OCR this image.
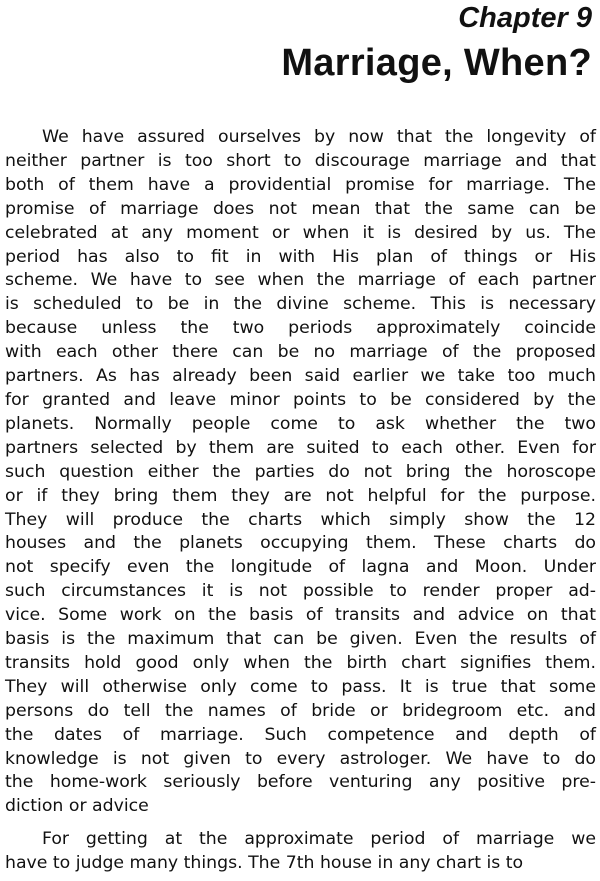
Chapter 9
Marriage, When?
We have assured ourselves by now that the longevity of
neither partner is too short to discourage marriage and that
both of them have a providential promise for marriage. The
promise of marriage does not mean that the same can be
celebrated at any moment or when it is desired by us. The
period has also to fit in with His plan of things or His
scheme. We have to see when the marriage of each partner
is scheduled to be in the divine scheme. This is necessary
because unless the two periods approximately coincide
with each other there can be no marriage of the proposed
partners. As has already been said earlier we take too much
for granted and leave minor points to be considered by the
planets. Normally people come to ask whether the two
partners selected by them are suited to each other. Even for
such question either the parties do not bring the horoscope
or if they bring them they are not helpful for the purpose.
They will produce the charts which simply show the 12
houses and the planets occupying them. These charts do
not specify even the longitude of lagna and Moon. Under
such circumstances it is not possible to render proper ad-
vice. Some work on the basis of transits and advice on that
basis is the maximum that can be given. Even the results of
transits hold good only when the birth chart signifies them.
They will otherwise only come to pass. It is true that some
persons do tell the names of bride or bridegroom etc. and
the dates of marriage. Such competence and depth of
knowledge is not given to every astrologer. We have to do
the home-work seriously before venturing any positive pre-
diction or advice
For getting at the approximate period of marriage we
have to judge many things. The 7th house in any chart is to
